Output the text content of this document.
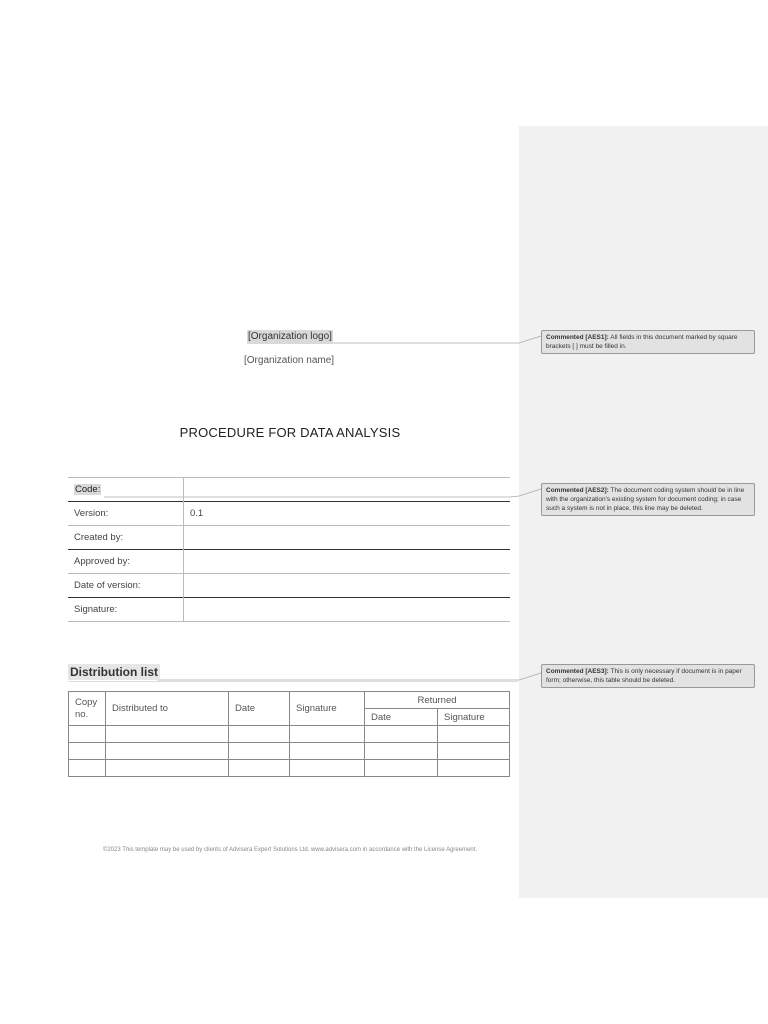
[Organization logo]
[Organization name]
PROCEDURE FOR DATA ANALYSIS
Code:	
Version:	0.1
Created by:	
Approved by:	
Date of version:	
Signature:	
Distribution list
Copy no.	Distributed to	Date	Signature	Returned	
				Date	Signature

©2023 This template may be used by clients of Advisera Expert Solutions Ltd. www.advisera.com in accordance with the License Agreement.
Commented [AES1]: All fields in this document marked by square brackets [ ] must be filled in.
Commented [AES2]: The document coding system should be in line with the organization's existing system for document coding; in case such a system is not in place, this line may be deleted.
Commented [AES3]: This is only necessary if document is in paper form; otherwise, this table should be deleted.
